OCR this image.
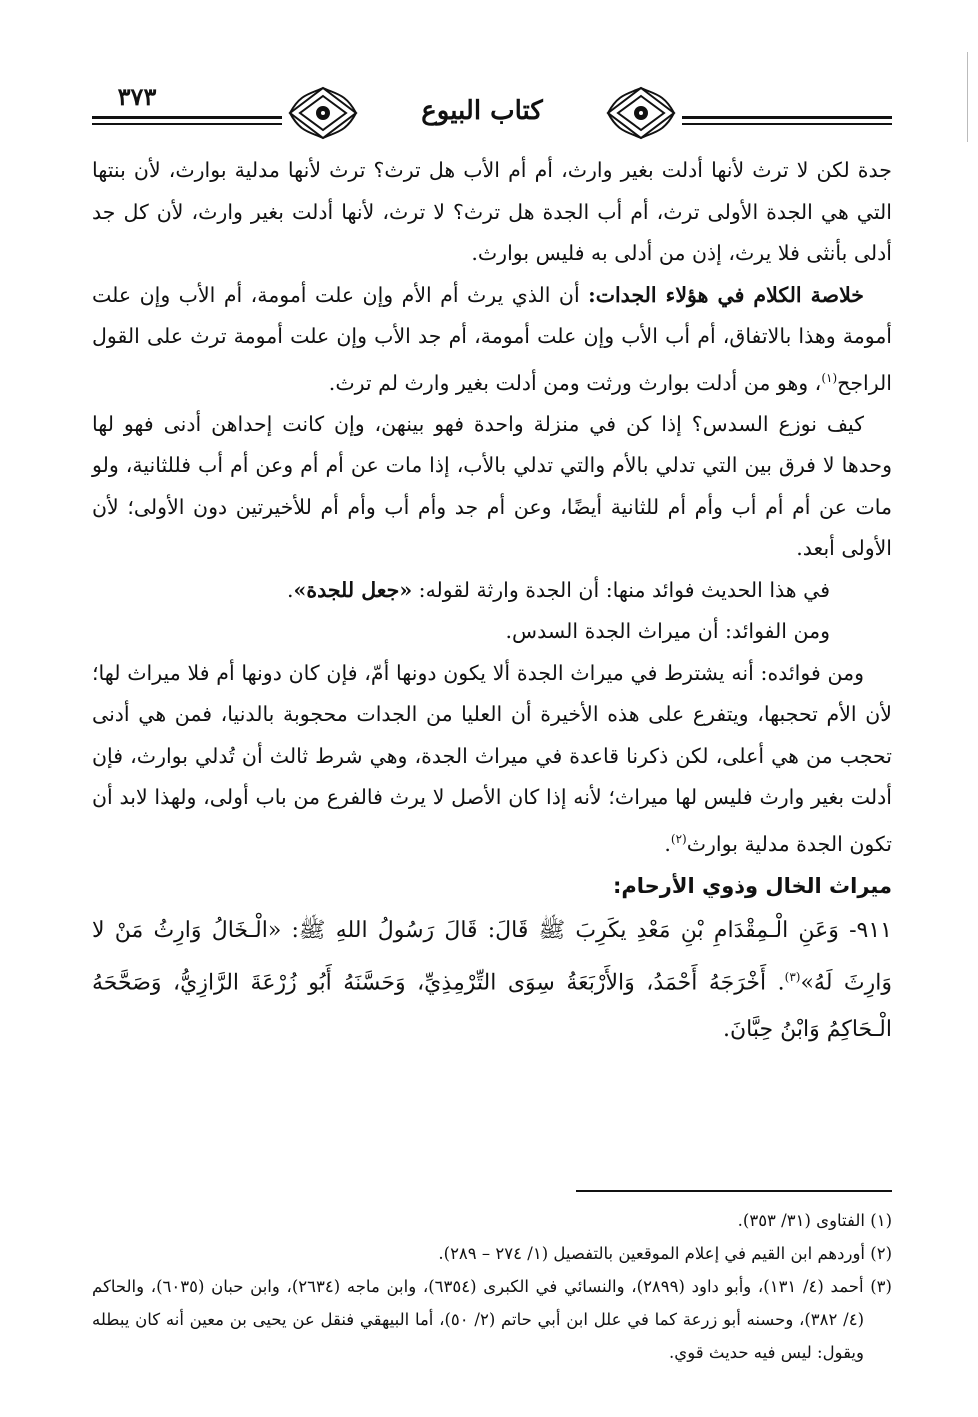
٣٧٣	كتاب البيوع

جدة لكن لا ترث لأنها أدلت بغير وارث، أم أم الأب هل ترث؟ ترث لأنها مدلية بوارث، لأن بنتها التي هي الجدة الأولى ترث، أم أب الجدة هل ترث؟ لا ترث، لأنها أدلت بغير وارث، لأن كل جد أدلى بأنثى فلا يرث، إذن من أدلى به فليس بوارث.

خلاصة الكلام في هؤلاء الجدات: أن الذي يرث أم الأم وإن علت أمومة، أم الأب وإن علت أمومة وهذا بالاتفاق، أم أب الأب وإن علت أمومة، أم جد الأب وإن علت أمومة ترث على القول الراجح$^{(١)}$، وهو من أدلت بوارث ورثت ومن أدلت بغير وارث لم ترث.

كيف نوزع السدس؟ إذا كن في منزلة واحدة فهو بينهن، وإن كانت إحداهن أدنى فهو لها وحدها لا فرق بين التي تدلي بالأم والتي تدلي بالأب، إذا مات عن أم أم وعن أم أب فللثانية، ولو مات عن أم أم أب وأم أم للثانية أيضًا، وعن أم جد وأم أب وأم أم للأخيرتين دون الأولى؛ لأن الأولى أبعد.

في هذا الحديث فوائد منها: أن الجدة وارثة لقوله: «جعل للجدة».

ومن الفوائد: أن ميراث الجدة السدس.

ومن فوائده: أنه يشترط في ميراث الجدة ألا يكون دونها أمّ، فإن كان دونها أم فلا ميراث لها؛ لأن الأم تحجبها، ويتفرع على هذه الأخيرة أن العليا من الجدات محجوبة بالدنيا، فمن هي أدنى تحجب من هي أعلى، لكن ذكرنا قاعدة في ميراث الجدة، وهي شرط ثالث أن تُدلي بوارث، فإن أدلت بغير وارث فليس لها ميراث؛ لأنه إذا كان الأصل لا يرث فالفرع من باب أولى، ولهذا لابد أن تكون الجدة مدلية بوارث$^{(٢)}$.

ميراث الخال وذوي الأرحام:

٩١١- وَعَنِ الْـمِقْدَامِ بْنِ مَعْدِ يكَرِبَ ﷺ قَالَ: قَالَ رَسُولُ اللهِ ﷺ: «الْـخَالُ وَارِثُ مَنْ لا وَارِثَ لَهُ»$^{(٣)}$. أَخْرَجَهُ أَحْمَدُ، وَالأَرْبَعَةُ سِوَى التِّرْمِذِيِّ، وَحَسَّنَهُ أَبُو زُرْعَةَ الرَّازِيُّ، وَصَحَّحَهُ الْـحَاكِمُ وَابْنُ حِبَّانَ.

(١) الفتاوى (٣١/ ٣٥٣).

(٢) أوردهم ابن القيم في إعلام الموقعين بالتفصيل (١/ ٢٧٤ – ٢٨٩).

(٣) أحمد (٤/ ١٣١)، وأبو داود (٢٨٩٩)، والنسائي في الكبرى (٦٣٥٤)، وابن ماجه (٢٦٣٤)، وابن حبان (٦٠٣٥)، والحاكم (٤/ ٣٨٢)، وحسنه أبو زرعة كما في علل ابن أبي حاتم (٢/ ٥٠)، أما البيهقي فنقل عن يحيى بن معين أنه كان يبطله ويقول: ليس فيه حديث قوي.
